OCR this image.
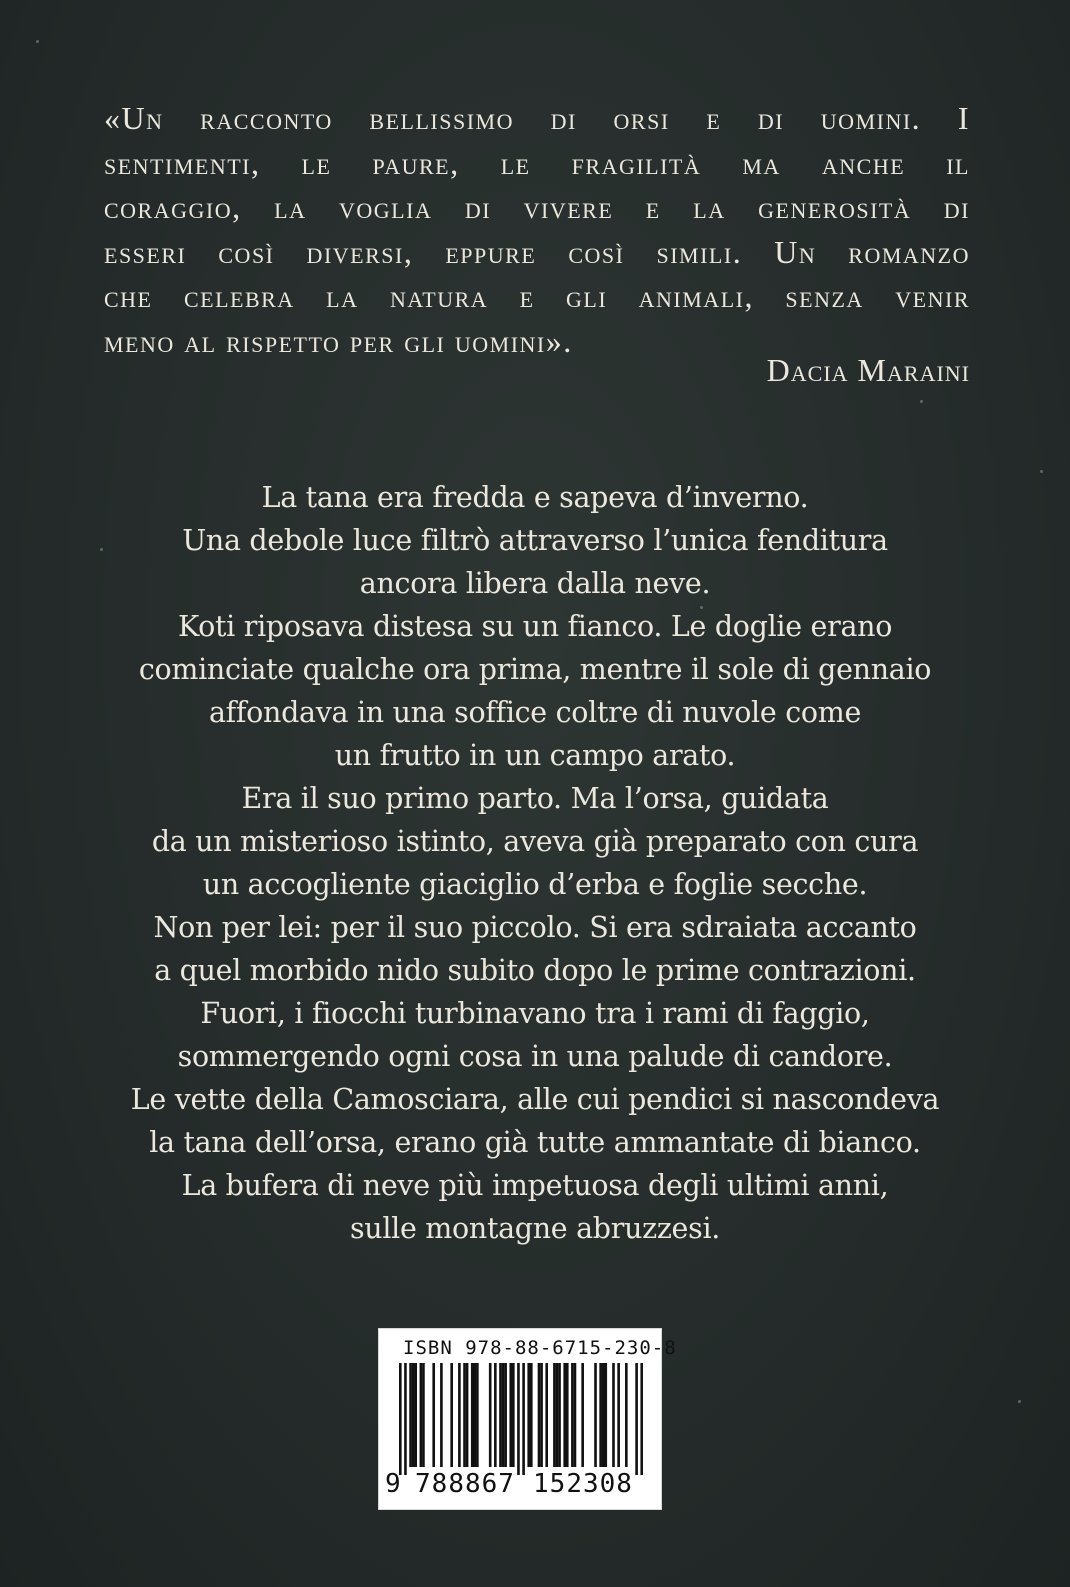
«Un racconto bellissimo di orsi e di uomini. I
sentimenti, le paure, le fragilità ma anche il
coraggio, la voglia di vivere e la generosità di
esseri così diversi, eppure così simili. Un romanzo
che celebra la natura e gli animali, senza venir
meno al rispetto per gli uomini».
Dacia Maraini
La tana era fredda e sapeva d’inverno.
Una debole luce filtrò attraverso l’unica fenditura
ancora libera dalla neve.
Koti riposava distesa su un fianco. Le doglie erano
cominciate qualche ora prima, mentre il sole di gennaio
affondava in una soffice coltre di nuvole come
un frutto in un campo arato.
Era il suo primo parto. Ma l’orsa, guidata
da un misterioso istinto, aveva già preparato con cura
un accogliente giaciglio d’erba e foglie secche.
Non per lei: per il suo piccolo. Si era sdraiata accanto
a quel morbido nido subito dopo le prime contrazioni.
Fuori, i fiocchi turbinavano tra i rami di faggio,
sommergendo ogni cosa in una palude di candore.
Le vette della Camosciara, alle cui pendici si nascondeva
la tana dell’orsa, erano già tutte ammantate di bianco.
La bufera di neve più impetuosa degli ultimi anni,
sulle montagne abruzzesi.
ISBN 978-88-6715-230-8
9 788867 152308
